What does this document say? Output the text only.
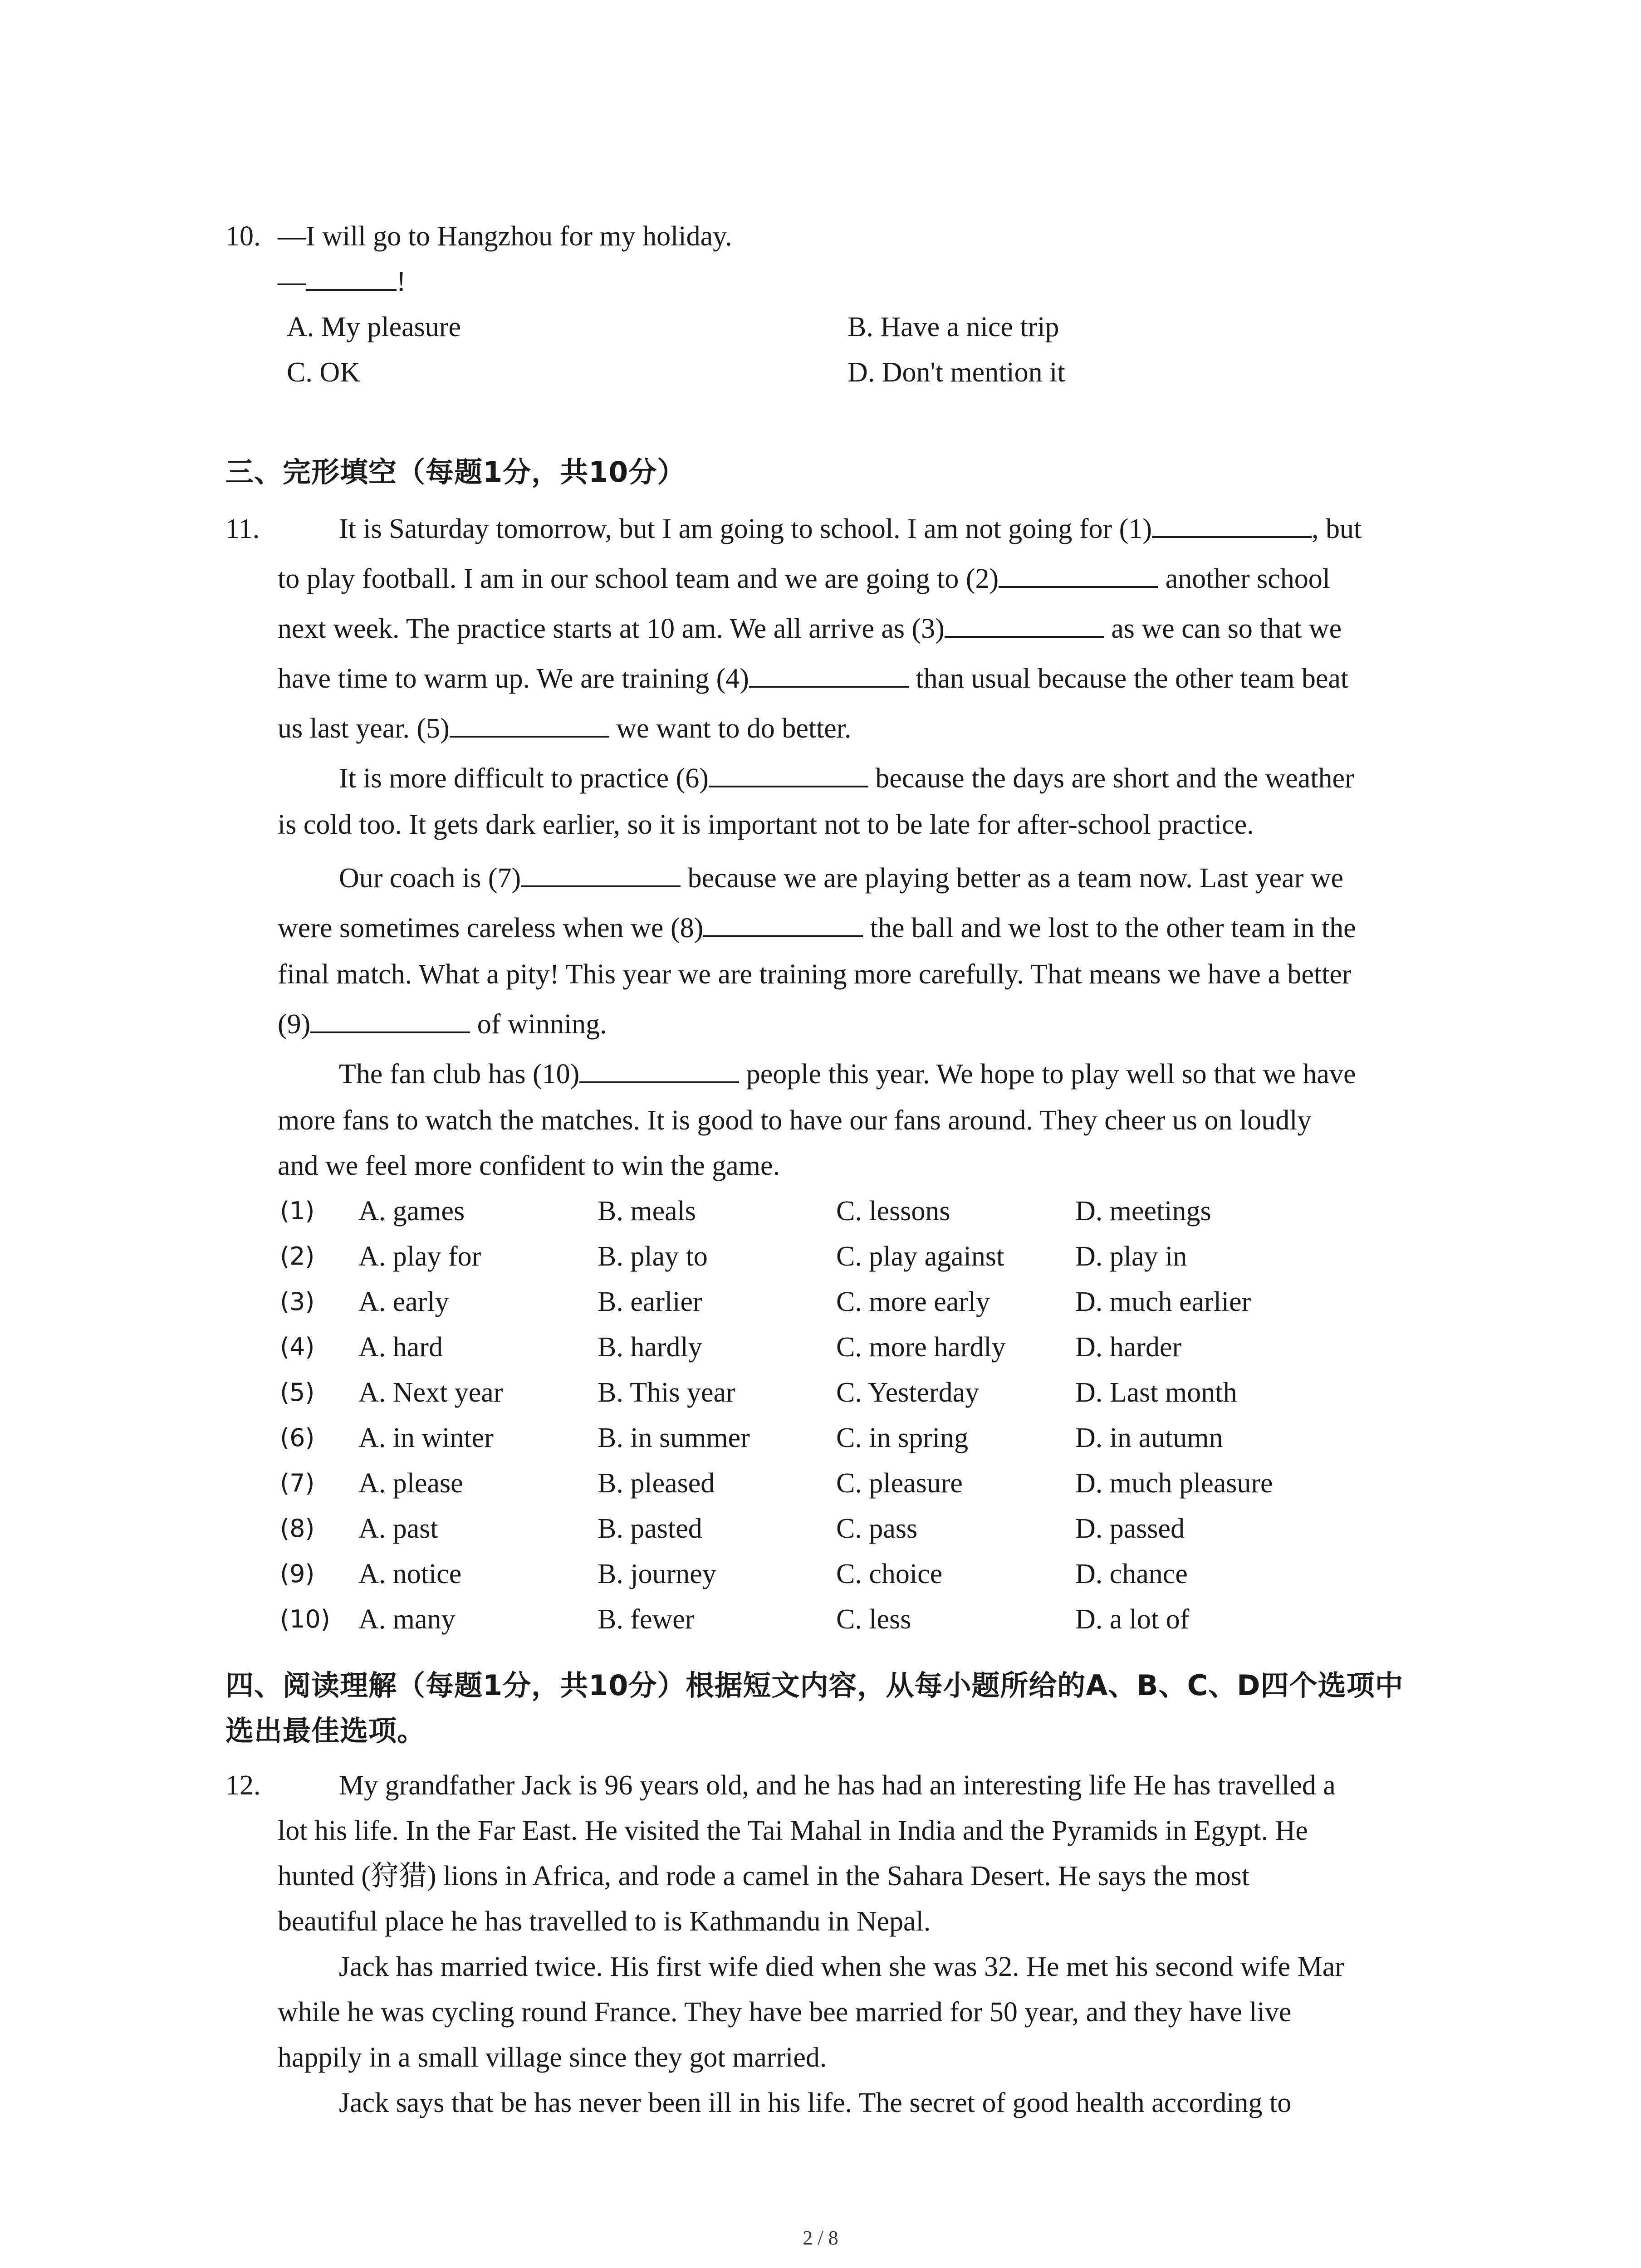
10. —I will go to Hangzhou for my holiday.
—	!
A. My pleasure	B. Have a nice trip
C. OK	D. Don't mention it
三、完形填空（每题1分，共10分）
11.	It is Saturday tomorrow, but I am going to school. I am not going for (1)	, but
to play football. I am in our school team and we are going to (2)	another school
next week. The practice starts at 10 am. We all arrive as (3)	as we can so that we
have time to warm up. We are training (4)	than usual because the other team beat
us last year. (5)	we want to do better.
It is more difficult to practice (6)	because the days are short and the weather
is cold too. It gets dark earlier, so it is important not to be late for after-school practice.
Our coach is (7)	because we are playing better as a team now. Last year we
were sometimes careless when we (8)	the ball and we lost to the other team in the
final match. What a pity! This year we are training more carefully. That means we have a better
(9)	of winning.
The fan club has (10)	people this year. We hope to play well so that we have
more fans to watch the matches. It is good to have our fans around. They cheer us on loudly
and we feel more confident to win the game.
(1) A. games	B. meals	C. lessons	D. meetings
(2) A. play for	B. play to	C. play against	D. play in
(3) A. early	B. earlier	C. more early	D. much earlier
(4) A. hard	B. hardly	C. more hardly D. harder
(5) A. Next year	B. This year	C. Yesterday	D. Last month
(6) A. in winter	B. in summer	C. in spring	D. in autumn
(7) A. please	B. pleased	C. pleasure	D. much pleasure
(8) A. past	B. pasted	C. pass	D. passed
(9) A. notice	B. journey	C. choice	D. chance
(10) A. many	B. fewer	C. less	D. a lot of
四、阅读理解（每题1分，共10分）根据短文内容，从每小题所给的A、B、C、D四个选项中
选出最佳选项。
12.	My grandfather Jack is 96 years old, and he has had an interesting life He has travelled a
lot his life. In the Far East. He visited the Tai Mahal in India and the Pyramids in Egypt. He
hunted (狩猎) lions in Africa, and rode a camel in the Sahara Desert. He says the most
beautiful place he has travelled to is Kathmandu in Nepal.
Jack has married twice. His first wife died when she was 32. He met his second wife Mar
while he was cycling round France. They have bee married for 50 year, and they have live
happily in a small village since they got married.
Jack says that be has never been ill in his life. The secret of good health according to
2 / 8
